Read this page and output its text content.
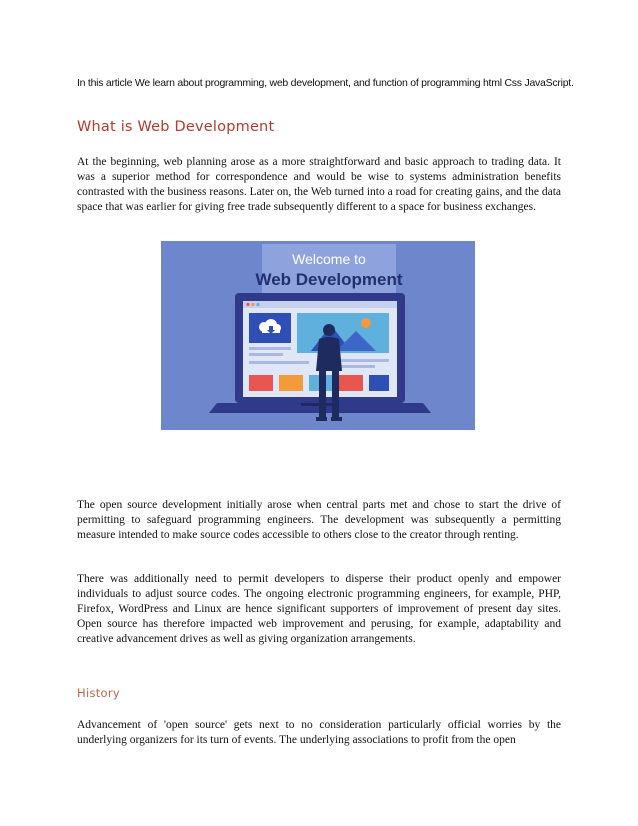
In this article We learn about programming, web development, and function of programming html Css JavaScript.
What is Web Development

At the beginning, web planning arose as a more straightforward and basic approach to trading data. It was a superior method for correspondence and would be wise to systems administration benefits contrasted with the business reasons. Later on, the Web turned into a road for creating gains, and the data space that was earlier for giving free trade subsequently different to a space for business exchanges.

Welcome to
Web Development

The open source development initially arose when central parts met and chose to start the drive of permitting to safeguard programming engineers. The development was subsequently a permitting measure intended to make source codes accessible to others close to the creator through renting.

There was additionally need to permit developers to disperse their product openly and empower individuals to adjust source codes. The ongoing electronic programming engineers, for example, PHP, Firefox, WordPress and Linux are hence significant supporters of improvement of present day sites. Open source has therefore impacted web improvement and perusing, for example, adaptability and creative advancement drives as well as giving organization arrangements.

History

Advancement of 'open source' gets next to no consideration particularly official worries by the underlying organizers for its turn of events. The underlying associations to profit from the open
